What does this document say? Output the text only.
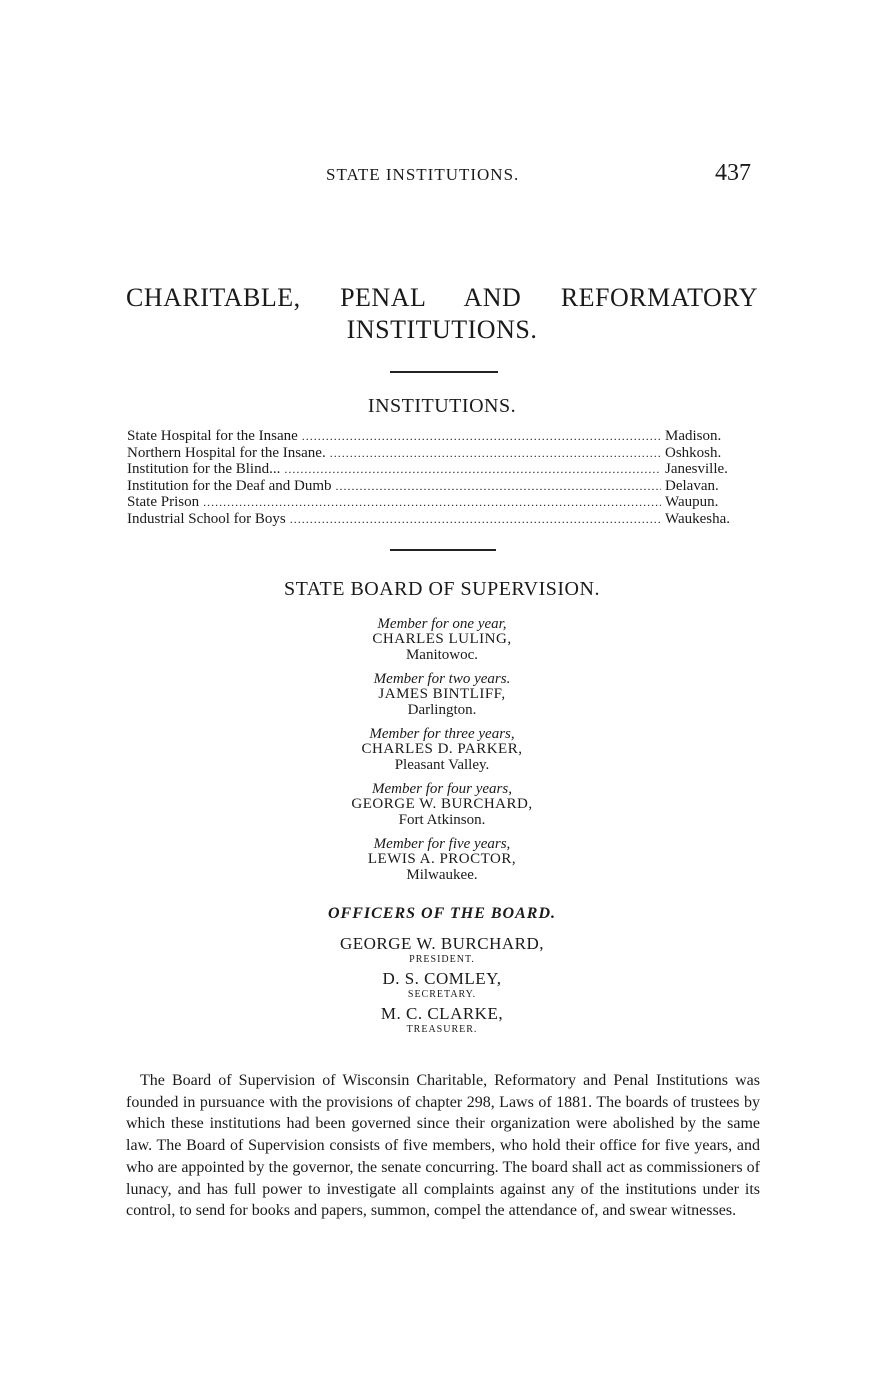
STATE INSTITUTIONS.	437
CHARITABLE, PENAL AND REFORMATORY
INSTITUTIONS.
INSTITUTIONS.
State Hospital for the Insane .....	Madison.
Northern Hospital for the Insane. .....	Oshkosh.
Institution for the Blind... .....	Janesville.
Institution for the Deaf and Dumb .....	Delavan.
State Prison .....	Waupun.
Industrial School for Boys .....	Waukesha.
STATE BOARD OF SUPERVISION.
Member for one year,
CHARLES LULING,
Manitowoc.
Member for two years.
JAMES BINTLIFF,
Darlington.
Member for three years,
CHARLES D. PARKER,
Pleasant Valley.
Member for four years,
GEORGE W. BURCHARD,
Fort Atkinson.
Member for five years,
LEWIS A. PROCTOR,
Milwaukee.
OFFICERS OF THE BOARD.
GEORGE W. BURCHARD,
PRESIDENT.
D. S. COMLEY,
SECRETARY.
M. C. CLARKE,
TREASURER.

The Board of Supervision of Wisconsin Charitable, Reformatory and Penal Institutions was founded in pursuance with the provisions of chapter 298, Laws of 1881. The boards of trustees by which these institutions had been governed since their organization were abolished by the same law. The Board of Supervision consists of five members, who hold their office for five years, and who are appointed by the governor, the senate concurring. The board shall act as commissioners of lunacy, and has full power to investigate all complaints against any of the institutions under its control, to send for books and papers, summon, compel the attendance of, and swear witnesses.
